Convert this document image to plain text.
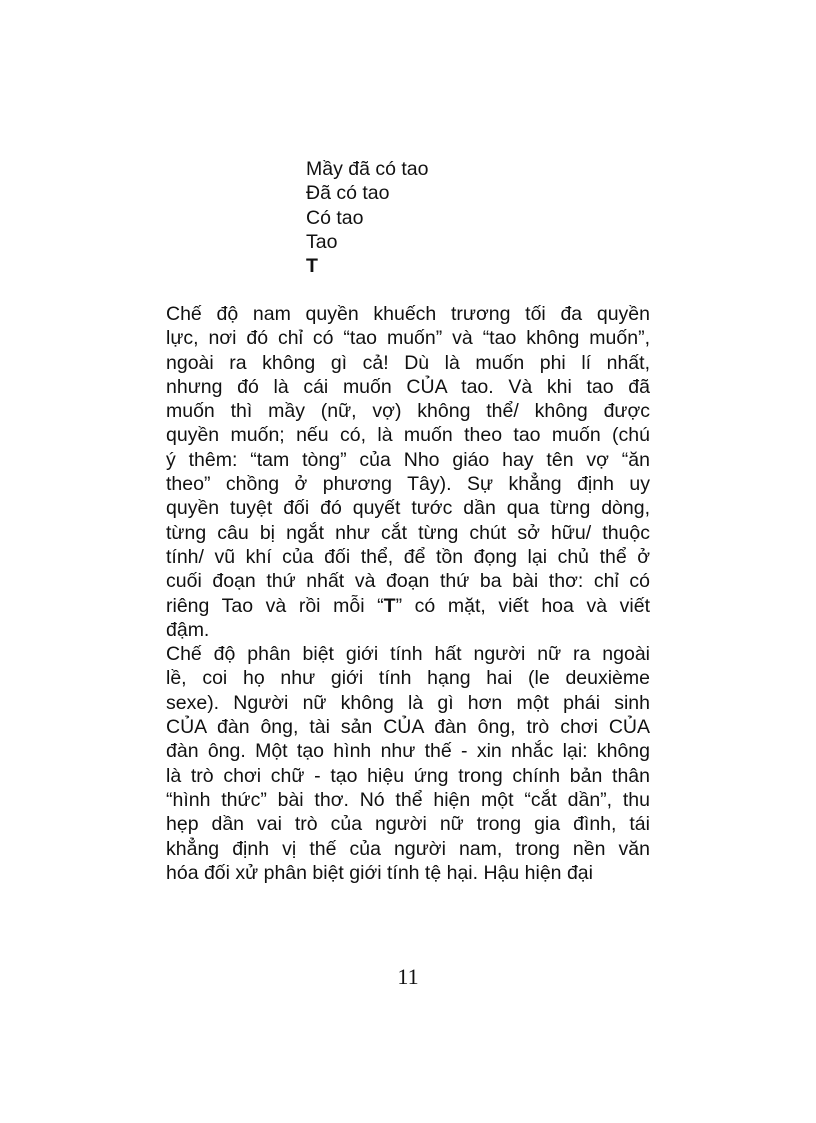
Mầy đã có tao
Đã có tao
Có tao
Tao
T
Chế độ nam quyền khuếch trương tối đa quyền
lực, nơi đó chỉ có “tao muốn” và “tao không muốn”,
ngoài ra không gì cả! Dù là muốn phi lí nhất,
nhưng đó là cái muốn CỦA tao. Và khi tao đã
muốn thì mầy (nữ, vợ) không thể/ không được
quyền muốn; nếu có, là muốn theo tao muốn (chú
ý thêm: “tam tòng” của Nho giáo hay tên vợ “ăn
theo” chồng ở phương Tây). Sự khẳng định uy
quyền tuyệt đối đó quyết tước dần qua từng dòng,
từng câu bị ngắt như cắt từng chút sở hữu/ thuộc
tính/ vũ khí của đối thể, để tồn đọng lại chủ thể ở
cuối đoạn thứ nhất và đoạn thứ ba bài thơ: chỉ có
riêng Tao và rồi mỗi “T” có mặt, viết hoa và viết
đậm.
Chế độ phân biệt giới tính hất người nữ ra ngoài
lề, coi họ như giới tính hạng hai (le deuxième
sexe). Người nữ không là gì hơn một phái sinh
CỦA đàn ông, tài sản CỦA đàn ông, trò chơi CỦA
đàn ông. Một tạo hình như thế - xin nhắc lại: không
là trò chơi chữ - tạo hiệu ứng trong chính bản thân
“hình thức” bài thơ. Nó thể hiện một “cắt dần”, thu
hẹp dần vai trò của người nữ trong gia đình, tái
khẳng định vị thế của người nam, trong nền văn
hóa đối xử phân biệt giới tính tệ hại. Hậu hiện đại
11
